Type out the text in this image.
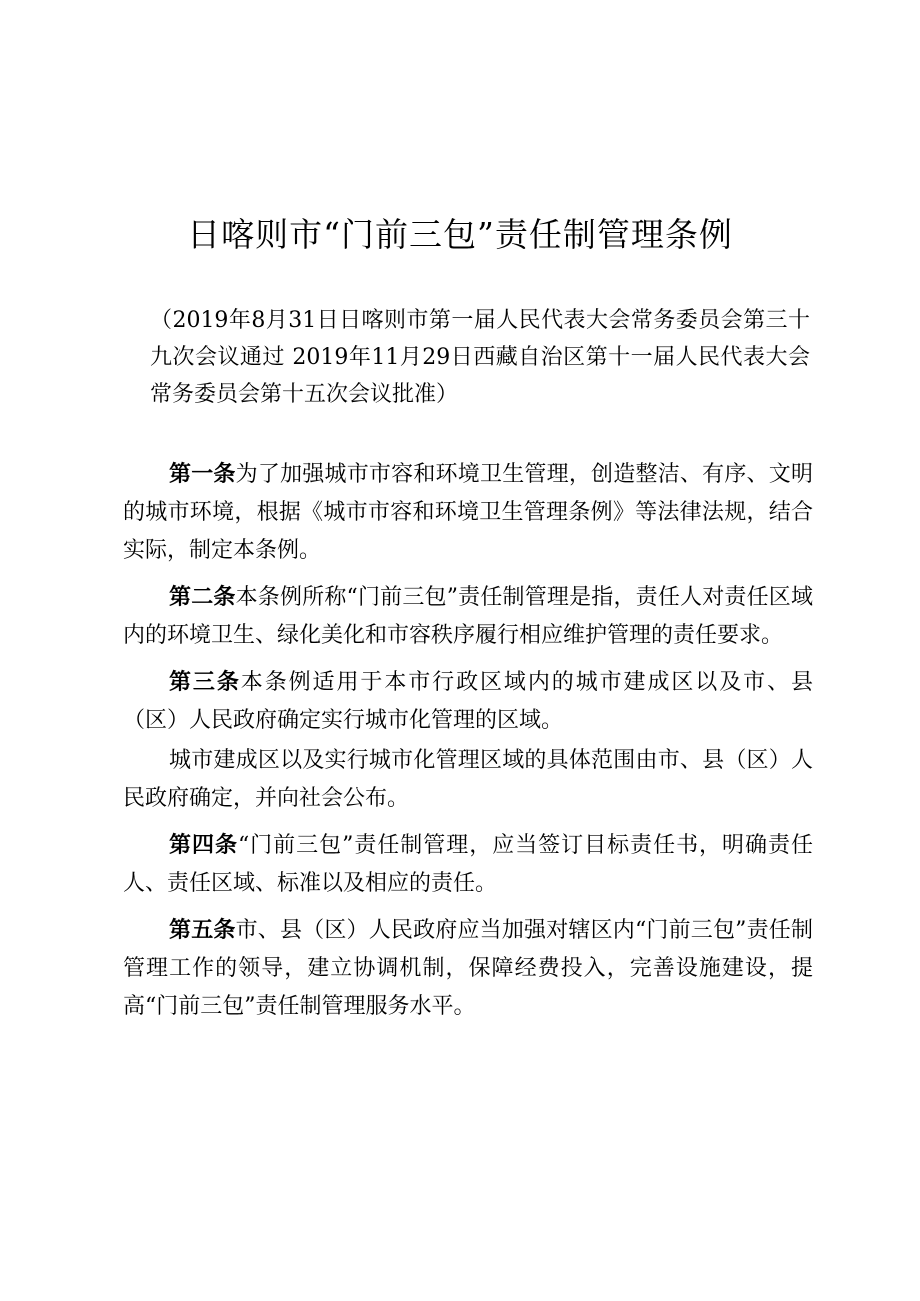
日喀则市“门前三包”责任制管理条例

（2019年8月31日日喀则市第一届人民代表大会常务委员会第三十九次会议通过 2019年11月29日西藏自治区第十一届人民代表大会常务委员会第十五次会议批准）

第一条为了加强城市市容和环境卫生管理，创造整洁、有序、文明的城市环境，根据《城市市容和环境卫生管理条例》等法律法规，结合实际，制定本条例。

第二条本条例所称“门前三包”责任制管理是指，责任人对责任区域内的环境卫生、绿化美化和市容秩序履行相应维护管理的责任要求。

第三条本条例适用于本市行政区域内的城市建成区以及市、县（区）人民政府确定实行城市化管理的区域。

城市建成区以及实行城市化管理区域的具体范围由市、县（区）人民政府确定，并向社会公布。

第四条“门前三包”责任制管理，应当签订目标责任书，明确责任人、责任区域、标准以及相应的责任。

第五条市、县（区）人民政府应当加强对辖区内“门前三包”责任制管理工作的领导，建立协调机制，保障经费投入，完善设施建设，提高“门前三包”责任制管理服务水平。
